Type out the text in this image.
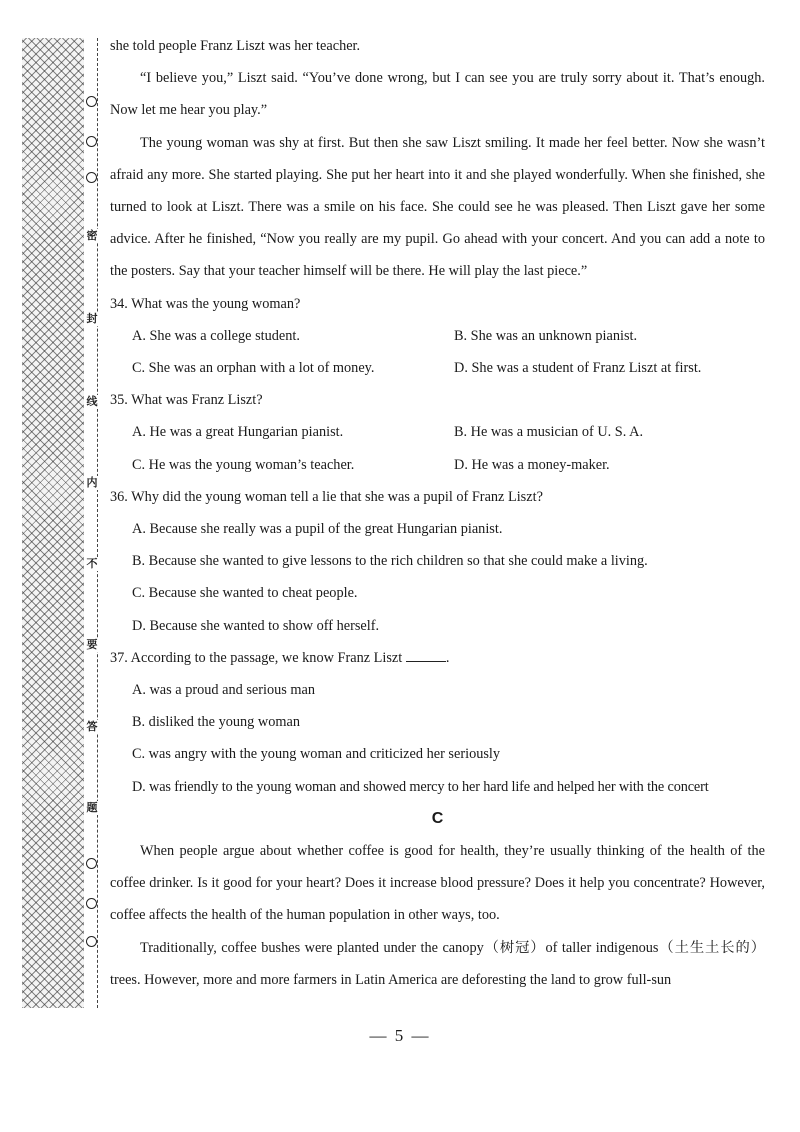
密
封
线
内
不
要
答
题

she told people Franz Liszt was her teacher.

“I believe you,” Liszt said. “You’ve done wrong, but I can see you are truly sorry about it. That’s enough. Now let me hear you play.”

The young woman was shy at first. But then she saw Liszt smiling. It made her feel better. Now she wasn’t afraid any more. She started playing. She put her heart into it and she played wonderfully. When she finished, she turned to look at Liszt. There was a smile on his face. She could see he was pleased. Then Liszt gave her some advice. After he finished, “Now you really are my pupil. Go ahead with your concert. And you can add a note to the posters. Say that your teacher himself will be there. He will play the last piece.”

34. What was the young woman?

A. She was a college student.	B. She was an unknown pianist.
C. She was an orphan with a lot of money.	D. She was a student of Franz Liszt at first.

35. What was Franz Liszt?

A. He was a great Hungarian pianist.	B. He was a musician of U. S. A.
C. He was the young woman’s teacher.	D. He was a money-maker.

36. Why did the young woman tell a lie that she was a pupil of Franz Liszt?

A. Because she really was a pupil of the great Hungarian pianist.

B. Because she wanted to give lessons to the rich children so that she could make a living.

C. Because she wanted to cheat people.

D. Because she wanted to show off herself.

37. According to the passage, we know Franz Liszt	.

A. was a proud and serious man

B. disliked the young woman

C. was angry with the young woman and criticized her seriously

D. was friendly to the young woman and showed mercy to her hard life and helped her with the concert

C

When people argue about whether coffee is good for health, they’re usually thinking of the health of the coffee drinker. Is it good for your heart? Does it increase blood pressure? Does it help you concentrate? However, coffee affects the health of the human population in other ways, too.

Traditionally, coffee bushes were planted under the canopy（树冠）of taller indigenous（土生土长的）trees. However, more and more farmers in Latin America are deforesting the land to grow full-sun

— 5 —
